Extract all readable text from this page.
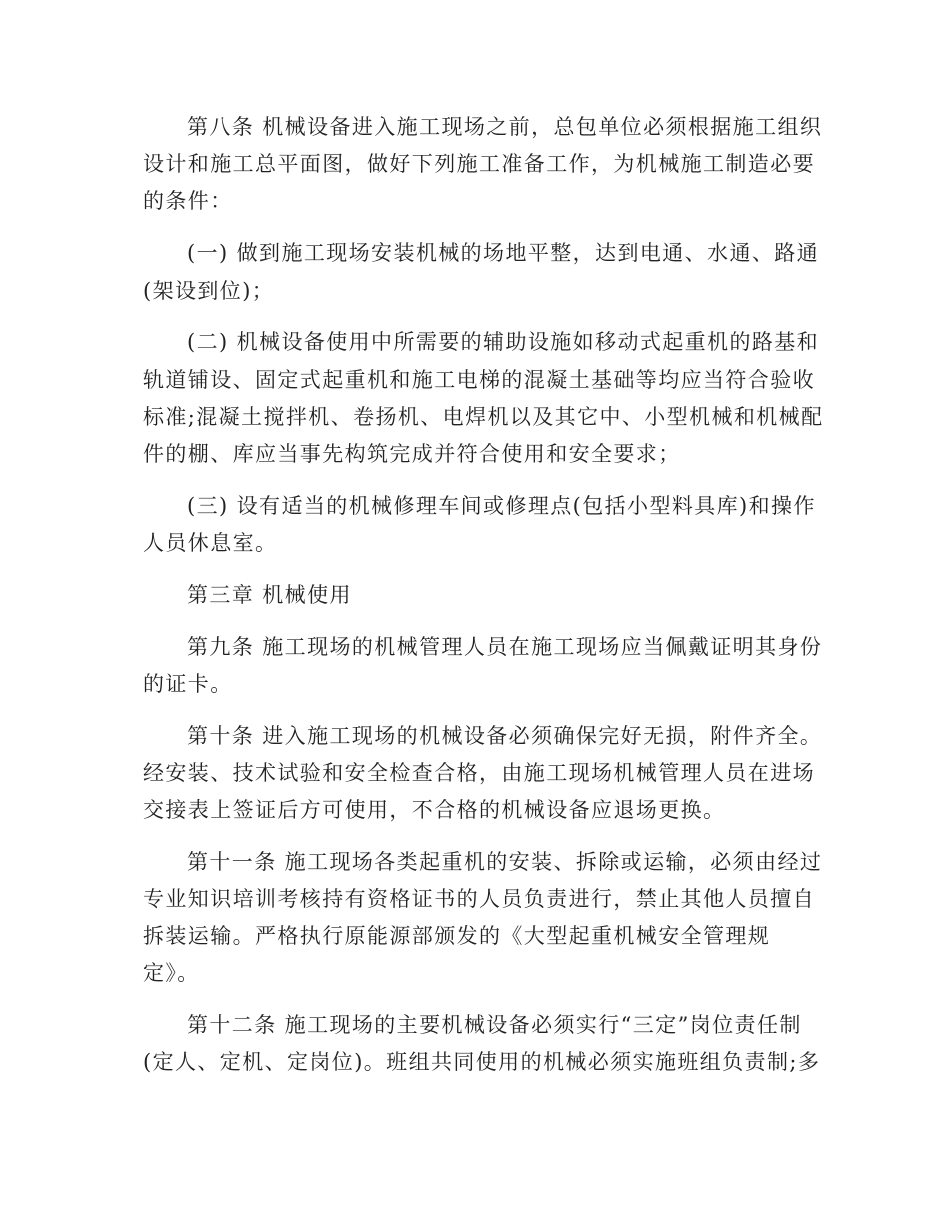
第八条 机械设备进入施工现场之前，总包单位必须根据施工组织

设计和施工总平面图，做好下列施工准备工作，为机械施工制造必要

的条件：

(一) 做到施工现场安装机械的场地平整，达到电通、水通、路通

(架设到位)；

(二) 机械设备使用中所需要的辅助设施如移动式起重机的路基和

轨道铺设、固定式起重机和施工电梯的混凝土基础等均应当符合验收

标准;混凝土搅拌机、卷扬机、电焊机以及其它中、小型机械和机械配

件的棚、库应当事先构筑完成并符合使用和安全要求；

(三) 设有适当的机械修理车间或修理点(包括小型料具库)和操作

人员休息室。

第三章 机械使用

第九条 施工现场的机械管理人员在施工现场应当佩戴证明其身份

的证卡。

第十条 进入施工现场的机械设备必须确保完好无损，附件齐全。

经安装、技术试验和安全检查合格，由施工现场机械管理人员在进场

交接表上签证后方可使用，不合格的机械设备应退场更换。

第十一条 施工现场各类起重机的安装、拆除或运输，必须由经过

专业知识培训考核持有资格证书的人员负责进行，禁止其他人员擅自

拆装运输。严格执行原能源部颁发的《大型起重机械安全管理规

定》。

第十二条 施工现场的主要机械设备必须实行“三定”岗位责任制

(定人、定机、定岗位)。班组共同使用的机械必须实施班组负责制;多
